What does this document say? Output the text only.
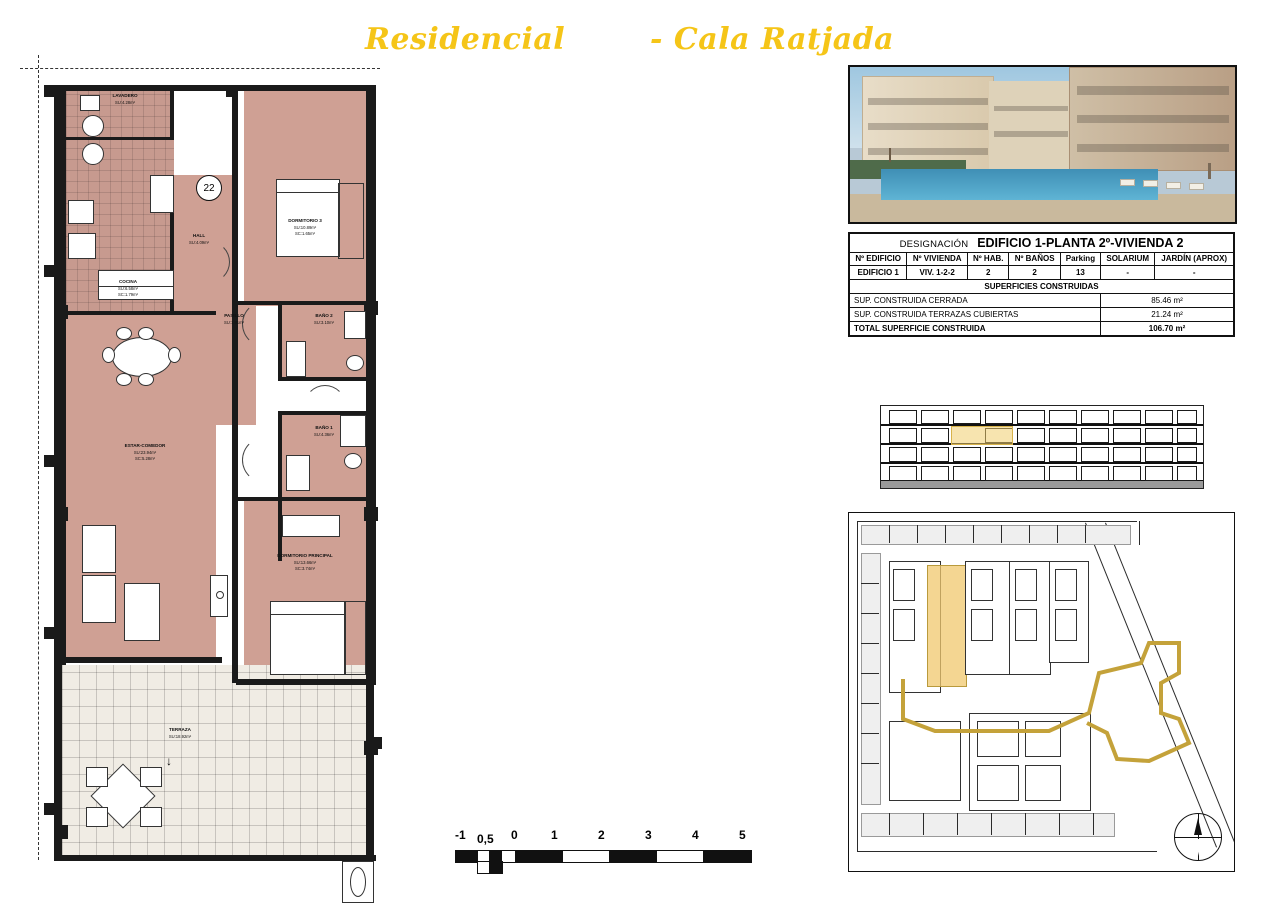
Residencial	- Cala Ratjada
22
↓
LAVADERO
SU:4.28m²
COCINA
SU:6.58m²
SC:1.79m²
HALL
SU:4.09m²
PASILLO
SU:1.81m²
DORMITORIO 3
SU:10.89m²
SC:1.65m²
BAÑO 2
SU:3.10m²
BAÑO 1
SU:4.36m²
ESTAR-COMEDOR
SU:23.94m²
SC:5.28m²
DORMITORIO PRINCIPAL
SU:13.66m²
SC:3.74m²
TERRAZA
SU:18.92m²
-1 0,5 0	1	2	3	4	5
DESIGNACIÓN EDIFICIO 1-PLANTA 2º-VIVIENDA 2						
Nº EDIFICIO	Nº VIVIENDA	Nº HAB.	Nº BAÑOS	Parking	SOLARIUM	JARDÍN (APROX)
EDIFICIO 1	VIV. 1-2-2	2	2	13	-	-
SUPERFICIES CONSTRUIDAS						
SUP. CONSTRUIDA CERRADA					85.46 m²	
SUP. CONSTRUIDA TERRAZAS CUBIERTAS					21.24 m²	
TOTAL SUPERFICIE CONSTRUIDA					106.70 m²	
